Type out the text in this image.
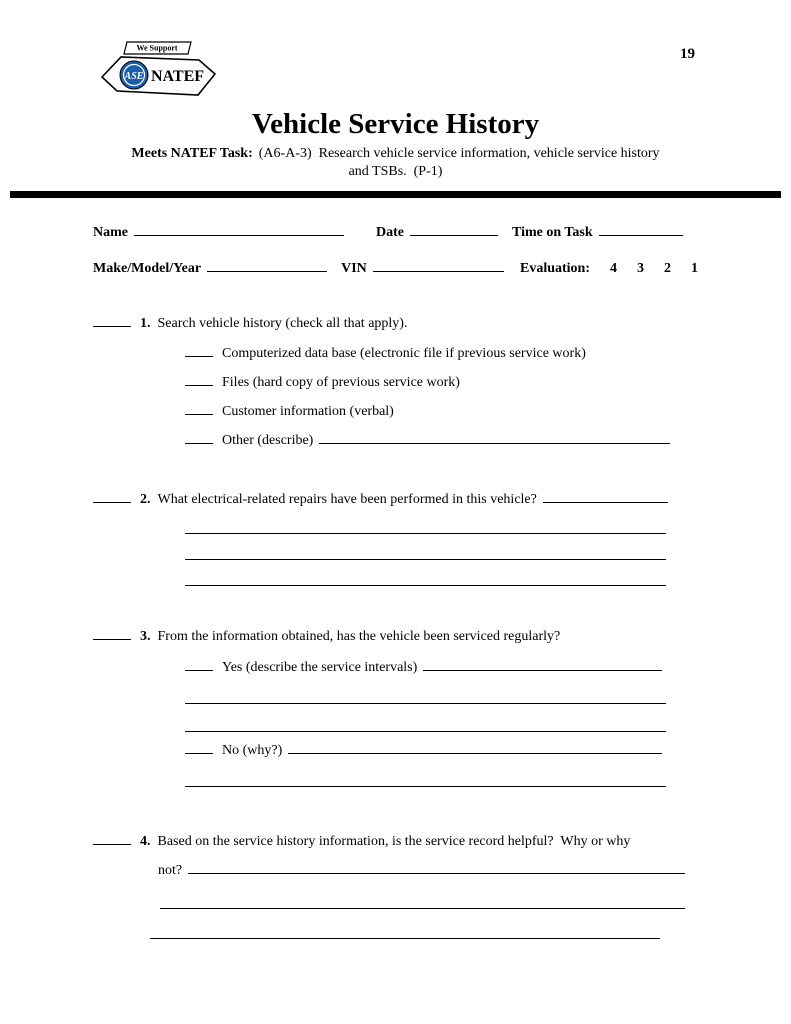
19
We Support
ASE NATEF
Vehicle Service History
Meets NATEF Task: (A6-A-3)  Research vehicle service information, vehicle service history
and TSBs.  (P-1)
Name	Date	Time on Task
Make/Model/Year	VIN	Evaluation: 4 3 2 1
1. Search vehicle history (check all that apply).
Computerized data base (electronic file if previous service work)
Files (hard copy of previous service work)
Customer information (verbal)
Other (describe)
2. What electrical-related repairs have been performed in this vehicle?
3. From the information obtained, has the vehicle been serviced regularly?
Yes (describe the service intervals)
No (why?)
4. Based on the service history information, is the service record helpful?  Why or why
not?
